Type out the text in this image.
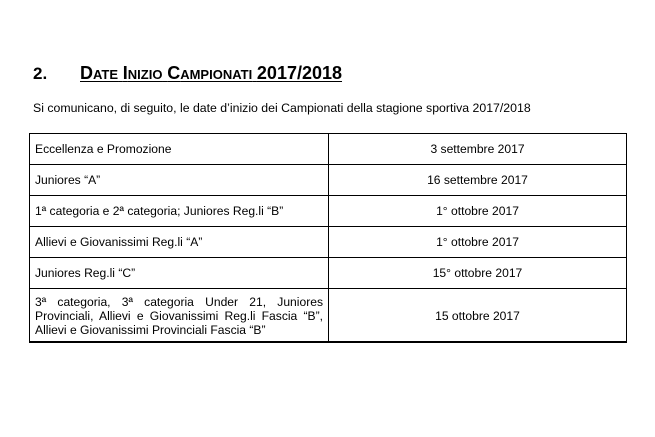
2.	DATE INIZIO CAMPIONATI 2017/2018
Si comunicano, di seguito, le date d’inizio dei Campionati della stagione sportiva 2017/2018
Eccellenza e Promozione	3 settembre 2017
Juniores “A”	16 settembre 2017
1ª categoria e 2ª categoria; Juniores Reg.li “B”	1° ottobre 2017
Allievi e Giovanissimi Reg.li “A”	1° ottobre 2017
Juniores Reg.li “C”	15° ottobre 2017
3ª categoria, 3ª categoria Under 21, Juniores Provinciali, Allievi e Giovanissimi Reg.li Fascia “B”, Allievi e Giovanissimi Provinciali Fascia “B”	15 ottobre 2017
